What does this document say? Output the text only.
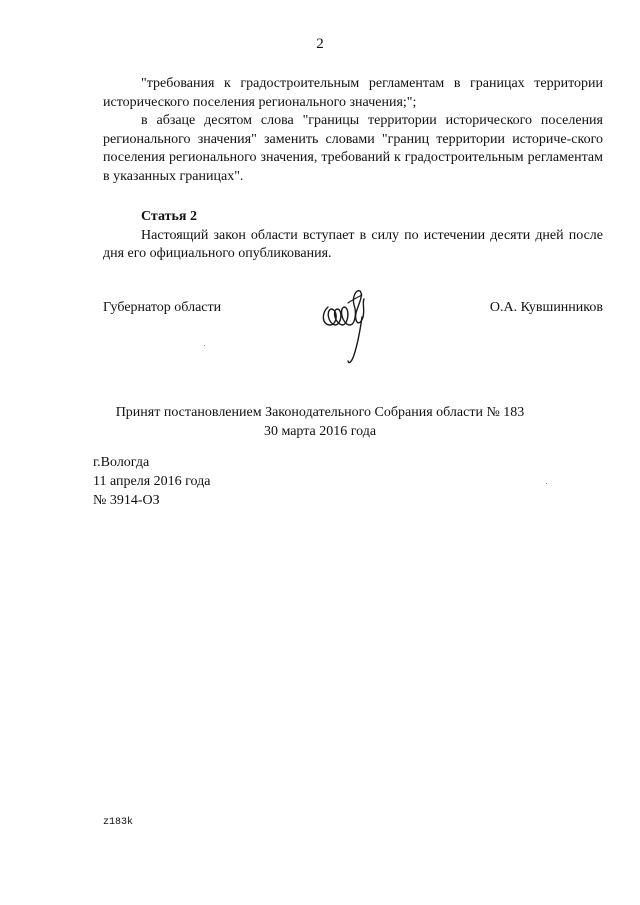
2

"требования к градостроительным регламентам в границах территории исторического поселения регионального значения;";

в абзаце десятом слова "границы территории исторического поселения регионального значения" заменить словами "границ территории историче-ского поселения регионального значения, требований к градостроительным регламентам в указанных границах".

Статья 2

Настоящий закон области вступает в силу по истечении десяти дней после дня его официального опубликования.

Губернатор области	О.А. Кувшинников
Принят постановлением Законодательного Собрания области № 183
30 марта 2016 года
г.Вологда
11 апреля 2016 года
№ 3914-ОЗ
z183k
